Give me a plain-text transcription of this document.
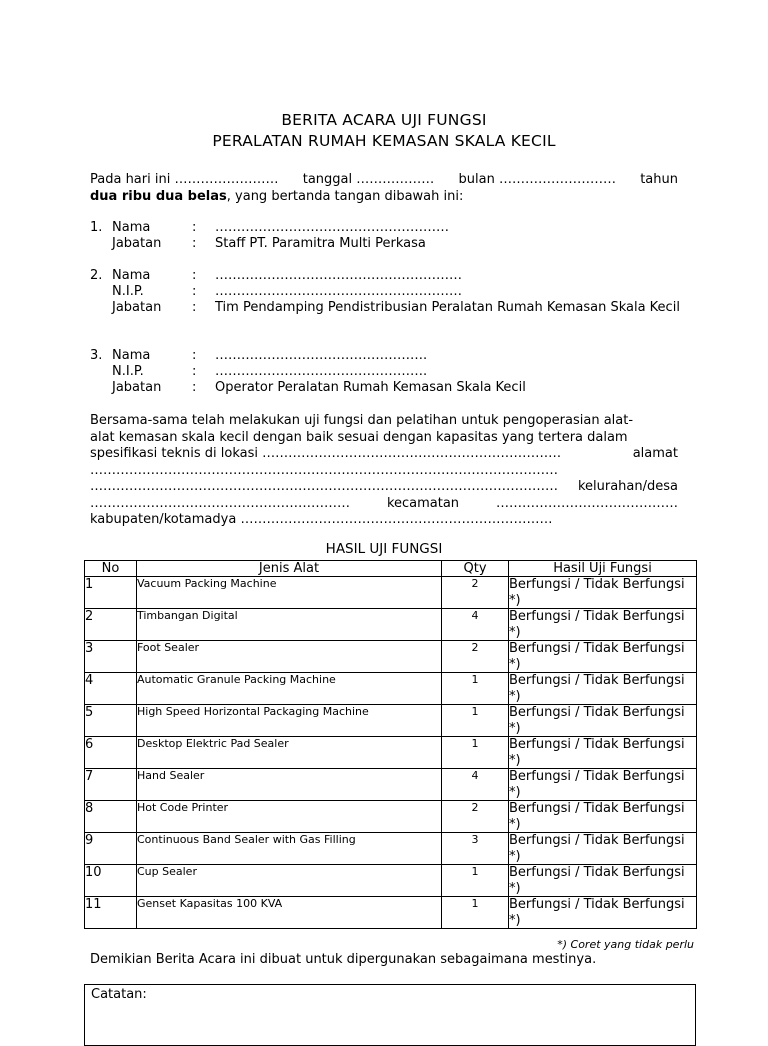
BERITA ACARA UJI FUNGSI
PERALATAN RUMAH KEMASAN SKALA KECIL
Pada hari ini …………………… tanggal ……………… bulan ……………………… tahun
dua ribu dua belas, yang bertanda tangan dibawah ini:
1. Nama	:	………………………………………………
Jabatan	:	Staff PT. Paramitra Multi Perkasa
2. Nama	:	…………………………………………………
N.I.P.	:	…………………………………………………
Jabatan	:	Tim Pendamping Pendistribusian Peralatan Rumah Kemasan Skala Kecil
3. Nama	:	………………………………………….
N.I.P.	:	………………………………………….
Jabatan	:	Operator Peralatan Rumah Kemasan Skala Kecil
Bersama-sama telah melakukan uji fungsi dan pelatihan untuk pengoperasian alat-
alat kemasan skala kecil dengan baik sesuai dengan kapasitas yang tertera dalam
spesifikasi teknis di lokasi ……………………………………………………………	alamat
………………………………………………………………………………………………
……………………………………………………………………………………………… kelurahan/desa
……………………………………………………	kecamatan	……………………………………
kabupaten/kotamadya ………………………………………………………………
HASIL UJI FUNGSI
No	Jenis Alat	Qty	Hasil Uji Fungsi
1	Vacuum Packing Machine	2	Berfungsi / Tidak Berfungsi *)
2	Timbangan Digital	4	Berfungsi / Tidak Berfungsi *)
3	Foot Sealer	2	Berfungsi / Tidak Berfungsi *)
4	Automatic Granule Packing Machine	1	Berfungsi / Tidak Berfungsi *)
5	High Speed Horizontal Packaging Machine	1	Berfungsi / Tidak Berfungsi *)
6	Desktop Elektric Pad Sealer	1	Berfungsi / Tidak Berfungsi *)
7	Hand Sealer	4	Berfungsi / Tidak Berfungsi *)
8	Hot Code Printer	2	Berfungsi / Tidak Berfungsi *)
9	Continuous Band Sealer with Gas Filling	3	Berfungsi / Tidak Berfungsi *)
10	Cup Sealer	1	Berfungsi / Tidak Berfungsi *)
11	Genset Kapasitas 100 KVA	1	Berfungsi / Tidak Berfungsi *)
*) Coret yang tidak perlu
Demikian Berita Acara ini dibuat untuk dipergunakan sebagaimana mestinya.
Catatan:
